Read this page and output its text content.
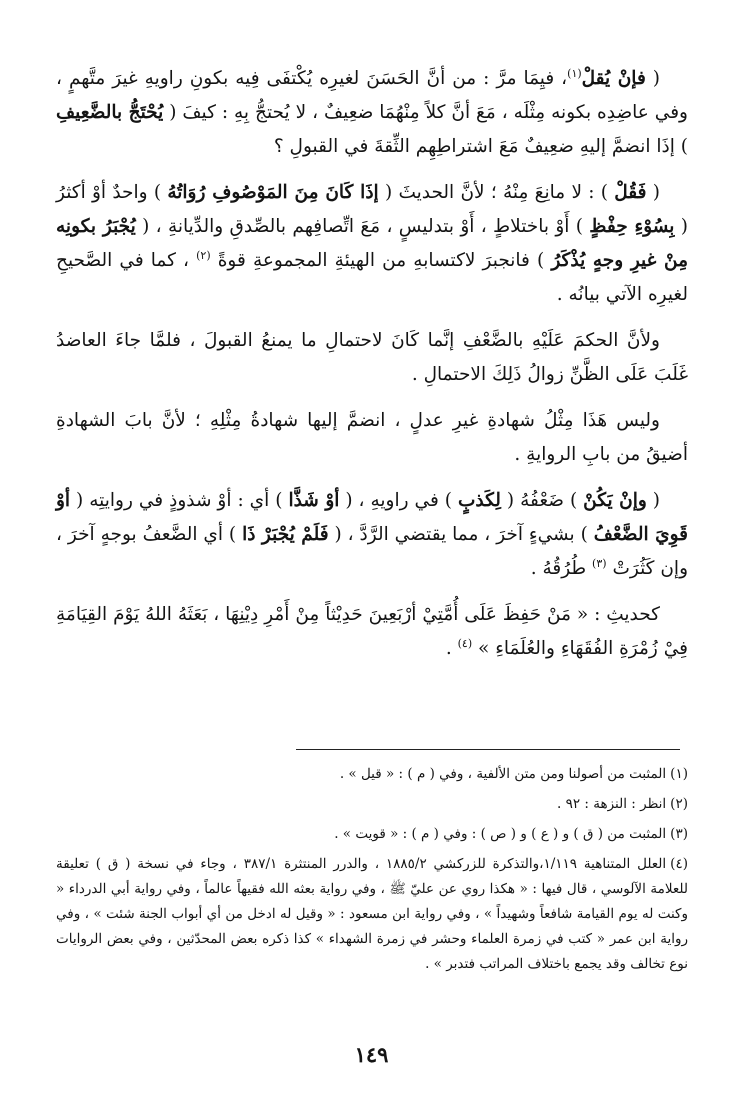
( فإنْ يُقلْ$^{(١)}$، فيِمَا مرَّ : من أنَّ الحَسَنَ لغيرِه يُكْتفَى فِيه بكونِ راويهِ غيرَ متَّهمٍ ، وفي عاضِدِه بكونه مِثْلَه ، مَعَ أنَّ كلاً مِنْهُمَا ضعِيفٌ ، لا يُحتجُّ بِهِ : كيفَ ( يُحْتَجُّ بالضَّعِيفِ ) إذَا انضمَّ إليهِ ضعِيفٌ مَعَ اشتراطِهِم الثِّقةَ في القبولِ ؟

( فَقُلْ ) : لا مانِعَ مِنْهُ ؛ لأنَّ الحديثَ ( إذَا كَانَ مِنَ المَوْصُوفِ رُوَاتُهُ ) واحدٌ أوْ أكثرُ ( بِسُوْءِ حِفْظٍ ) أَوْ باختلاطٍ ، أَوْ بتدليسٍ ، مَعَ اتِّصافِهم بالصِّدقِ والدِّيانةِ ، ( يُجْبَرُ بكونِه مِنْ غيرِ وجهٍ يُذْكَرُ ) فانجبرَ لاكتسابهِ من الهيئةِ المجموعةِ قوةً $^{(٢)}$ ، كما في الصَّحيحِ لغيرِه الآتي بيانُه .

ولأنَّ الحكمَ عَلَيْهِ بالضَّعْفِ إنَّما كَانَ لاحتمالِ ما يمنعُ القبولَ ، فلمَّا جاءَ العاضدُ غَلَبَ عَلَى الظَّنِّ زوالُ ذَلِكَ الاحتمالِ .

وليس هَذَا مِثْلُ شهادةِ غيرِ عدلٍ ، انضمَّ إليها شهادةُ مِثْلِهِ ؛ لأنَّ بابَ الشهادةِ أضيقُ من بابِ الروايةِ .

( وإنْ يَكُنْ ) ضَعْفُهُ ( لِكَذبٍ ) في راويهِ ، ( أوْ شَذَّا ) أي : أوْ شذوذٍ في روايتِه ( أوْ قَوِيَ الضَّعْفُ ) بشيءٍ آخرَ ، مما يقتضي الرَّدَّ ، ( فَلَمْ يُجْبَرْ ذَا ) أي الضَّعفُ بوجهٍ آخرَ ، وإن كَثُرَتْ $^{(٣)}$ طُرُقُهُ .

كحديثِ : « مَنْ حَفِظَ عَلَى أُمَّتِيْ أرْبَعِينَ حَدِيْثاً مِنْ أَمْرِ دِيْنِهَا ، بَعَثَهُ اللهُ يَوْمَ القِيَامَةِ فِيْ زُمْرَةِ الفُقَهَاءِ والعُلَمَاءِ » $^{(٤)}$ .

(١)المثبت من أصولنا ومن متن الألفية ، وفي ( م ) : « قيل » .

(٢)انظر : النزهة : ٩٢ .

(٣)المثبت من ( ق ) و ( ع ) و ( ص ) : وفي ( م ) : « قويت » .

(٤)العلل المتناهية ١/١١٩،والتذكرة للزركشي ١٨٨٥/٢ ، والدرر المنتثرة ٣٨٧/١ ، وجاء في نسخة ( ق ) تعليقة للعلامة الآلوسي ، قال فيها : « هكذا روي عن عليّ ﷺ ، وفي رواية بعثه الله فقيهاً عالماً ، وفي رواية أبي الدرداء « وكنت له يوم القيامة شافعاً وشهيداً » ، وفي رواية ابن مسعود : « وقيل له ادخل من أي أبواب الجنة شئت » ، وفي رواية ابن عمر « كتب في زمرة العلماء وحشر في زمرة الشهداء » كذا ذكره بعض المحدّثين ، وفي بعض الروايات نوع تخالف وقد يجمع باختلاف المراتب فتدبر » .

١٤٩
